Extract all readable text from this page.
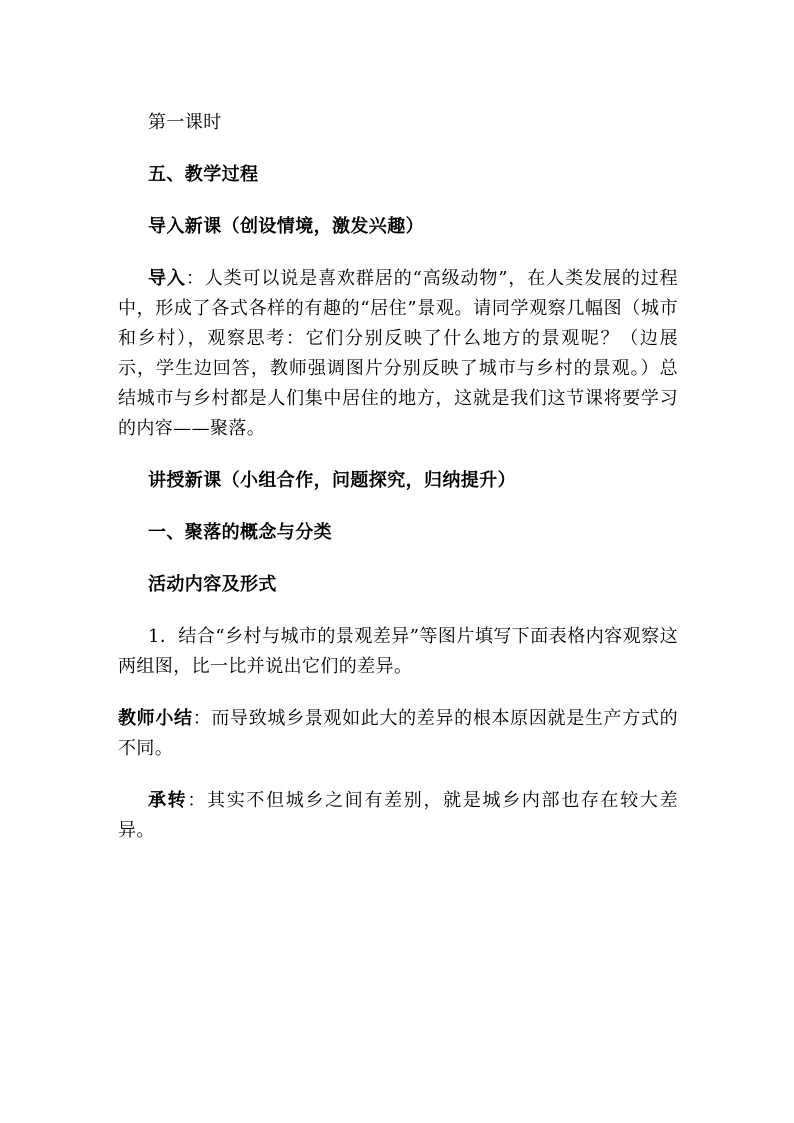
第一课时

五、教学过程

导入新课（创设情境，激发兴趣）

导入：人类可以说是喜欢群居的“高级动物”，在人类发展的过程中，形成了各式各样的有趣的“居住”景观。请同学观察几幅图（城市和乡村），观察思考：它们分别反映了什么地方的景观呢？（边展示，学生边回答，教师强调图片分别反映了城市与乡村的景观。）总结城市与乡村都是人们集中居住的地方，这就是我们这节课将要学习的内容——聚落。

讲授新课（小组合作，问题探究，归纳提升）

一、聚落的概念与分类

活动内容及形式

1．结合“乡村与城市的景观差异”等图片填写下面表格内容观察这两组图，比一比并说出它们的差异。

教师小结：而导致城乡景观如此大的差异的根本原因就是生产方式的不同。

承转：其实不但城乡之间有差别，就是城乡内部也存在较大差异。
